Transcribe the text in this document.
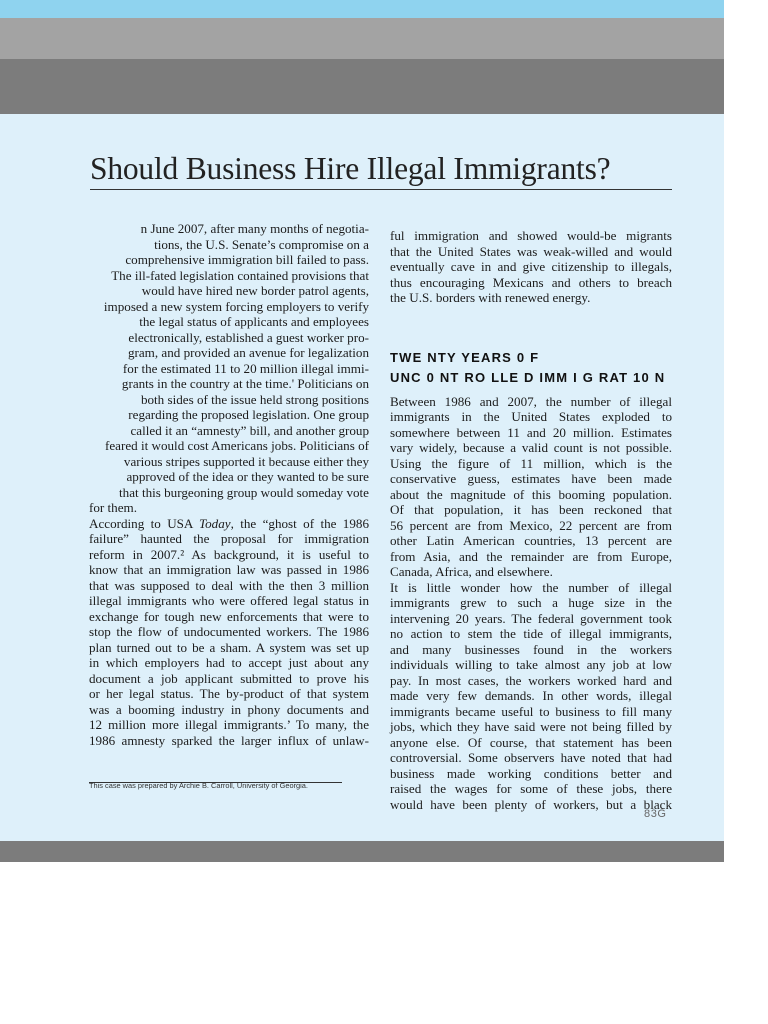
Should Business Hire Illegal Immigrants?
n June 2007, after many months of negotia-
tions, the U.S. Senate’s compromise on a
comprehensive immigration bill failed to pass.
The ill-fated legislation contained provisions that
would have hired new border patrol agents,
imposed a new system forcing employers to verify
the legal status of applicants and employees
electronically, established a guest worker pro-
gram, and provided an avenue for legalization
for the estimated 11 to 20 million illegal immi-
grants in the country at the time.' Politicians on
both sides of the issue held strong positions
regarding the proposed legislation. One group
called it an “amnesty” bill, and another group
feared it would cost Americans jobs. Politicians of
various stripes supported it because either they
approved of the idea or they wanted to be sure
that this burgeoning group would someday vote
for them.
According to USA Today, the “ghost of the 1986
failure” haunted the proposal for immigration
reform in 2007.² As background, it is useful to
know that an immigration law was passed in 1986
that was supposed to deal with the then 3 million
illegal immigrants who were offered legal status in
exchange for tough new enforcements that were to
stop the flow of undocumented workers. The 1986
plan turned out to be a sham. A system was set up
in which employers had to accept just about any
document a job applicant submitted to prove his
or her legal status. The by-product of that system
was a booming industry in phony documents and
12 million more illegal immigrants.’ To many, the
1986 amnesty sparked the larger influx of unlaw-
ful immigration and showed would-be migrants
that the United States was weak-willed and would
eventually cave in and give citizenship to illegals,
thus encouraging Mexicans and others to breach
the U.S. borders with renewed energy.
TWE NTY YEARS 0 F
UNC 0 NT RO LLE D IMM I G RAT 10 N
Between 1986 and 2007, the number of illegal
immigrants in the United States exploded to
somewhere between 11 and 20 million. Estimates
vary widely, because a valid count is not possible.
Using the figure of 11 million, which is the
conservative guess, estimates have been made
about the magnitude of this booming population.
Of that population, it has been reckoned that
56 percent are from Mexico, 22 percent are from
other Latin American countries, 13 percent are
from Asia, and the remainder are from Europe,
Canada, Africa, and elsewhere.
It is little wonder how the number of illegal
immigrants grew to such a huge size in the
intervening 20 years. The federal government took
no action to stem the tide of illegal immigrants,
and many businesses found in the workers
individuals willing to take almost any job at low
pay. In most cases, the workers worked hard and
made very few demands. In other words, illegal
immigrants became useful to business to fill many
jobs, which they have said were not being filled by
anyone else. Of course, that statement has been
controversial. Some observers have noted that had
business made working conditions better and
raised the wages for some of these jobs, there
would have been plenty of workers, but a black
This case was prepared by Archie B. Carroll, University of Georgia.
83G
